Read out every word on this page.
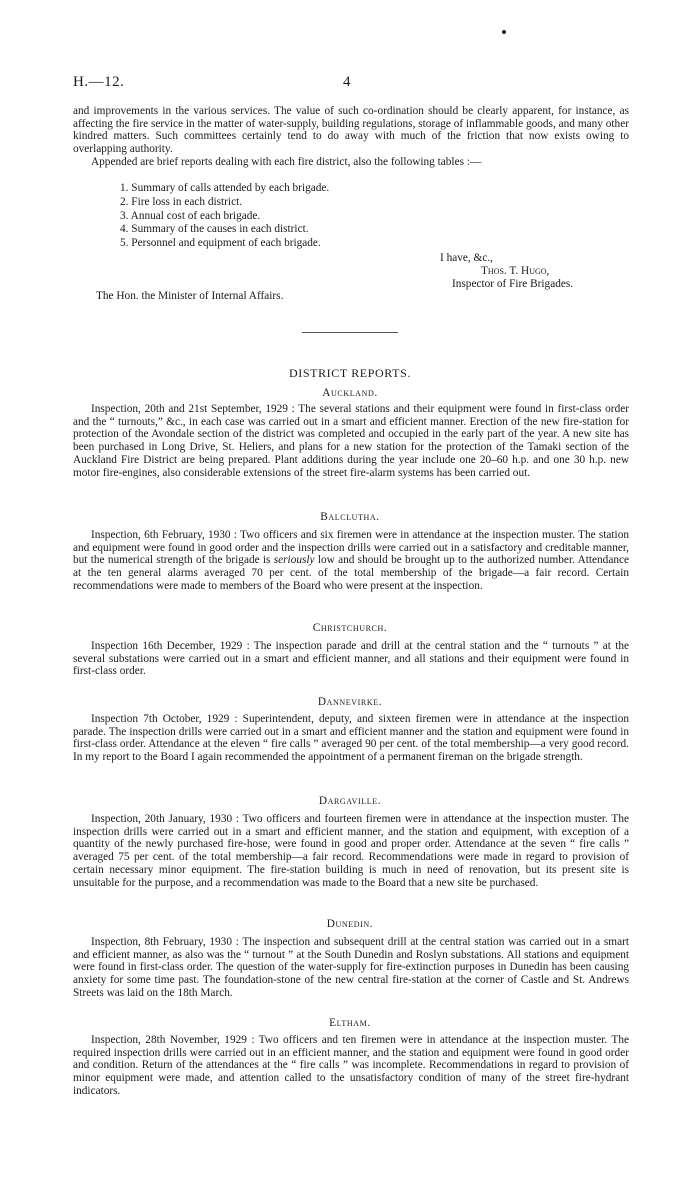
H.—12.	4

and improvements in the various services. The value of such co-ordination should be clearly apparent, for instance, as affecting the fire service in the matter of water-supply, building regulations, storage of inflammable goods, and many other kindred matters. Such committees certainly tend to do away with much of the friction that now exists owing to overlapping authority.

Appended are brief reports dealing with each fire district, also the following tables :—

1. Summary of calls attended by each brigade.
2. Fire loss in each district.
3. Annual cost of each brigade.
4. Summary of the causes in each district.
5. Personnel and equipment of each brigade.
I have, &c.,
Thos. T. Hugo,
Inspector of Fire Brigades.
The Hon. the Minister of Internal Affairs.
DISTRICT REPORTS.
Auckland.

Inspection, 20th and 21st September, 1929 : The several stations and their equipment were found in first-class order and the “ turnouts,” &c., in each case was carried out in a smart and efficient manner. Erection of the new fire-station for protection of the Avondale section of the district was completed and occupied in the early part of the year. A new site has been purchased in Long Drive, St. Heliers, and plans for a new station for the protection of the Tamaki section of the Auckland Fire District are being prepared. Plant additions during the year include one 20–60 h.p. and one 30 h.p. new motor fire-engines, also considerable extensions of the street fire-alarm systems has been carried out.

Balclutha.

Inspection, 6th February, 1930 : Two officers and six firemen were in attendance at the inspection muster. The station and equipment were found in good order and the inspection drills were carried out in a satisfactory and creditable manner, but the numerical strength of the brigade is seriously low and should be brought up to the authorized number. Attendance at the ten general alarms averaged 70 per cent. of the total membership of the brigade—a fair record. Certain recommendations were made to members of the Board who were present at the inspection.

Christchurch.

Inspection 16th December, 1929 : The inspection parade and drill at the central station and the “ turnouts ” at the several substations were carried out in a smart and efficient manner, and all stations and their equipment were found in first-class order.

Dannevirke.

Inspection 7th October, 1929 : Superintendent, deputy, and sixteen firemen were in attendance at the inspection parade. The inspection drills were carried out in a smart and efficient manner and the station and equipment were found in first-class order. Attendance at the eleven “ fire calls ” averaged 90 per cent. of the total membership—a very good record. In my report to the Board I again recommended the appointment of a permanent fireman on the brigade strength.

Dargaville.

Inspection, 20th January, 1930 : Two officers and fourteen firemen were in attendance at the inspection muster. The inspection drills were carried out in a smart and efficient manner, and the station and equipment, with exception of a quantity of the newly purchased fire-hose, were found in good and proper order. Attendance at the seven “ fire calls ” averaged 75 per cent. of the total membership—a fair record. Recommendations were made in regard to provision of certain necessary minor equipment. The fire-station building is much in need of renovation, but its present site is unsuitable for the purpose, and a recommendation was made to the Board that a new site be purchased.

Dunedin.

Inspection, 8th February, 1930 : The inspection and subsequent drill at the central station was carried out in a smart and efficient manner, as also was the “ turnout ” at the South Dunedin and Roslyn substations. All stations and equipment were found in first-class order. The question of the water-supply for fire-extinction purposes in Dunedin has been causing anxiety for some time past. The foundation-stone of the new central fire-station at the corner of Castle and St. Andrews Streets was laid on the 18th March.

Eltham.

Inspection, 28th November, 1929 : Two officers and ten firemen were in attendance at the inspection muster. The required inspection drills were carried out in an efficient manner, and the station and equipment were found in good order and condition. Return of the attendances at the “ fire calls ” was incomplete. Recommendations in regard to provision of minor equipment were made, and attention called to the unsatisfactory condition of many of the street fire-hydrant indicators.
